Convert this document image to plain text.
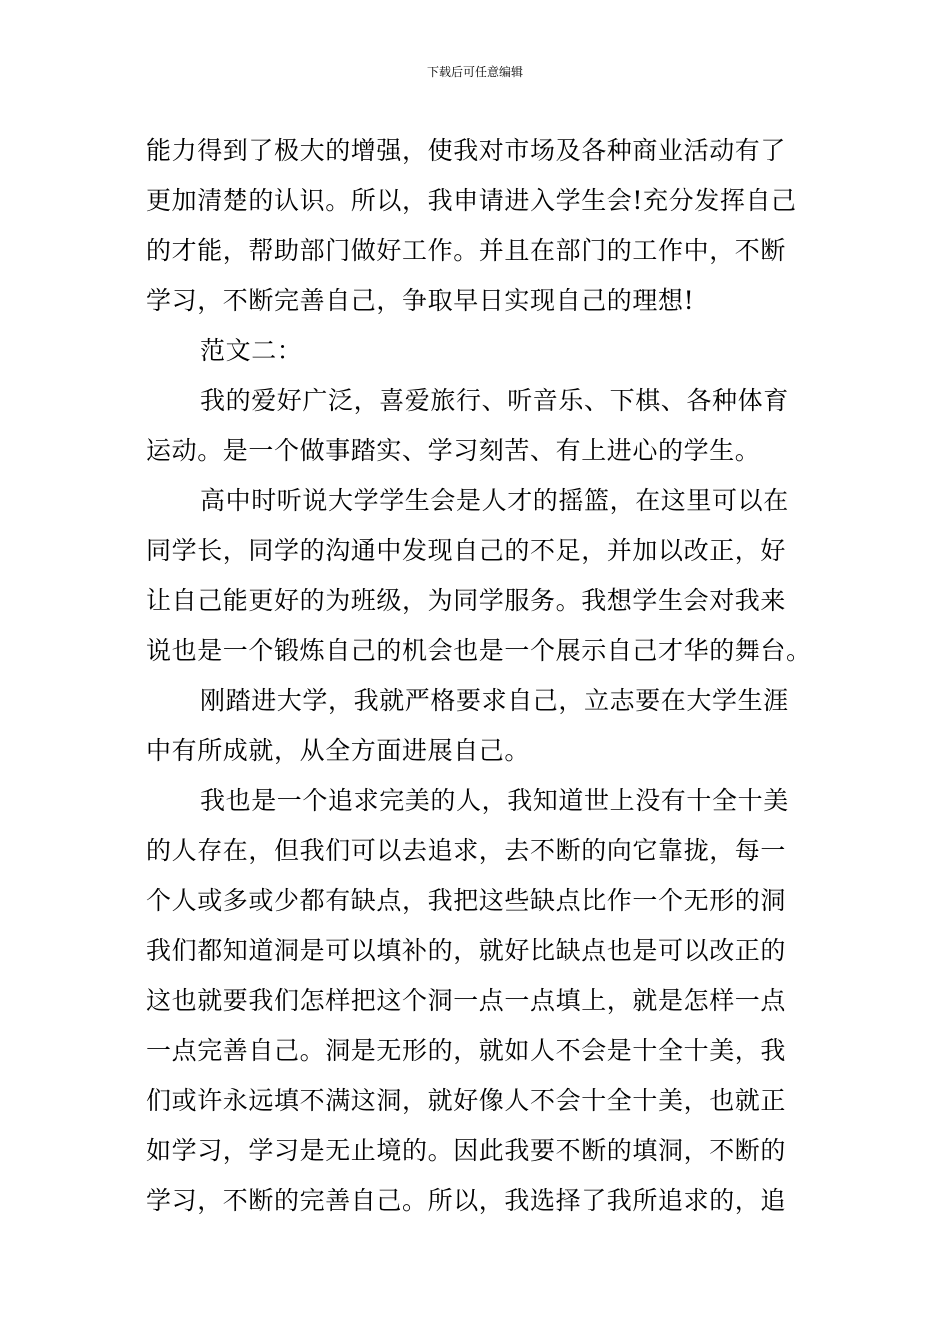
下载后可任意编辑
能力得到了极大的增强，使我对市场及各种商业活动有了
更加清楚的认识。所以，我申请进入学生会!充分发挥自己
的才能，帮助部门做好工作。并且在部门的工作中，不断
学习，不断完善自己，争取早日实现自己的理想!
范文二：
我的爱好广泛，喜爱旅行、听音乐、下棋、各种体育
运动。是一个做事踏实、学习刻苦、有上进心的学生。
高中时听说大学学生会是人才的摇篮，在这里可以在
同学长，同学的沟通中发现自己的不足，并加以改正，好
让自己能更好的为班级，为同学服务。我想学生会对我来
说也是一个锻炼自己的机会也是一个展示自己才华的舞台。
刚踏进大学，我就严格要求自己，立志要在大学生涯
中有所成就，从全方面进展自己。
我也是一个追求完美的人，我知道世上没有十全十美
的人存在，但我们可以去追求，去不断的向它靠拢，每一
个人或多或少都有缺点，我把这些缺点比作一个无形的洞
我们都知道洞是可以填补的，就好比缺点也是可以改正的
这也就要我们怎样把这个洞一点一点填上，就是怎样一点
一点完善自己。洞是无形的，就如人不会是十全十美，我
们或许永远填不满这洞，就好像人不会十全十美，也就正
如学习，学习是无止境的。因此我要不断的填洞，不断的
学习，不断的完善自己。所以，我选择了我所追求的，追
